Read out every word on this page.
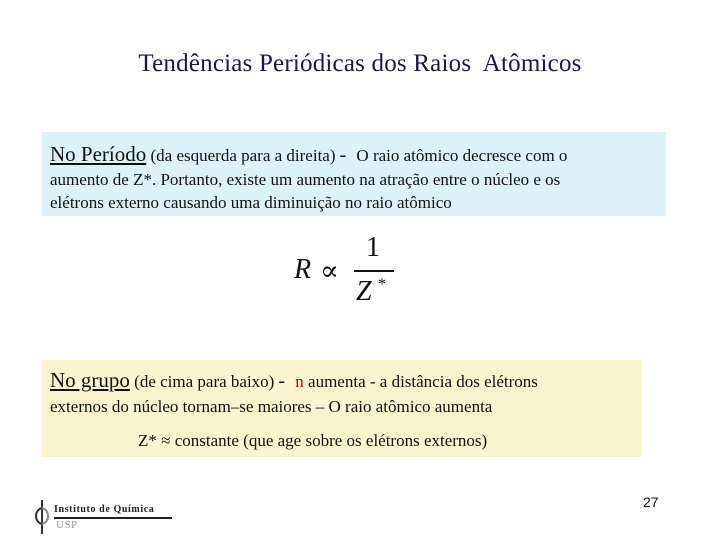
Tendências Periódicas dos Raios  Atômicos
No Período (da esquerda para a direita) - O raio atômico decresce com o
aumento de Z*. Portanto, existe um aumento na atração entre o núcleo e os
elétrons externo causando uma diminuição no raio atômico
R ∝
1
Z *
No grupo (de cima para baixo) - n aumenta - a distância dos elétrons
externos do núcleo tornam–se maiores – O raio atômico aumenta
Z* ≈ constante (que age sobre os elétrons externos)
27
Instituto de Química
USP
